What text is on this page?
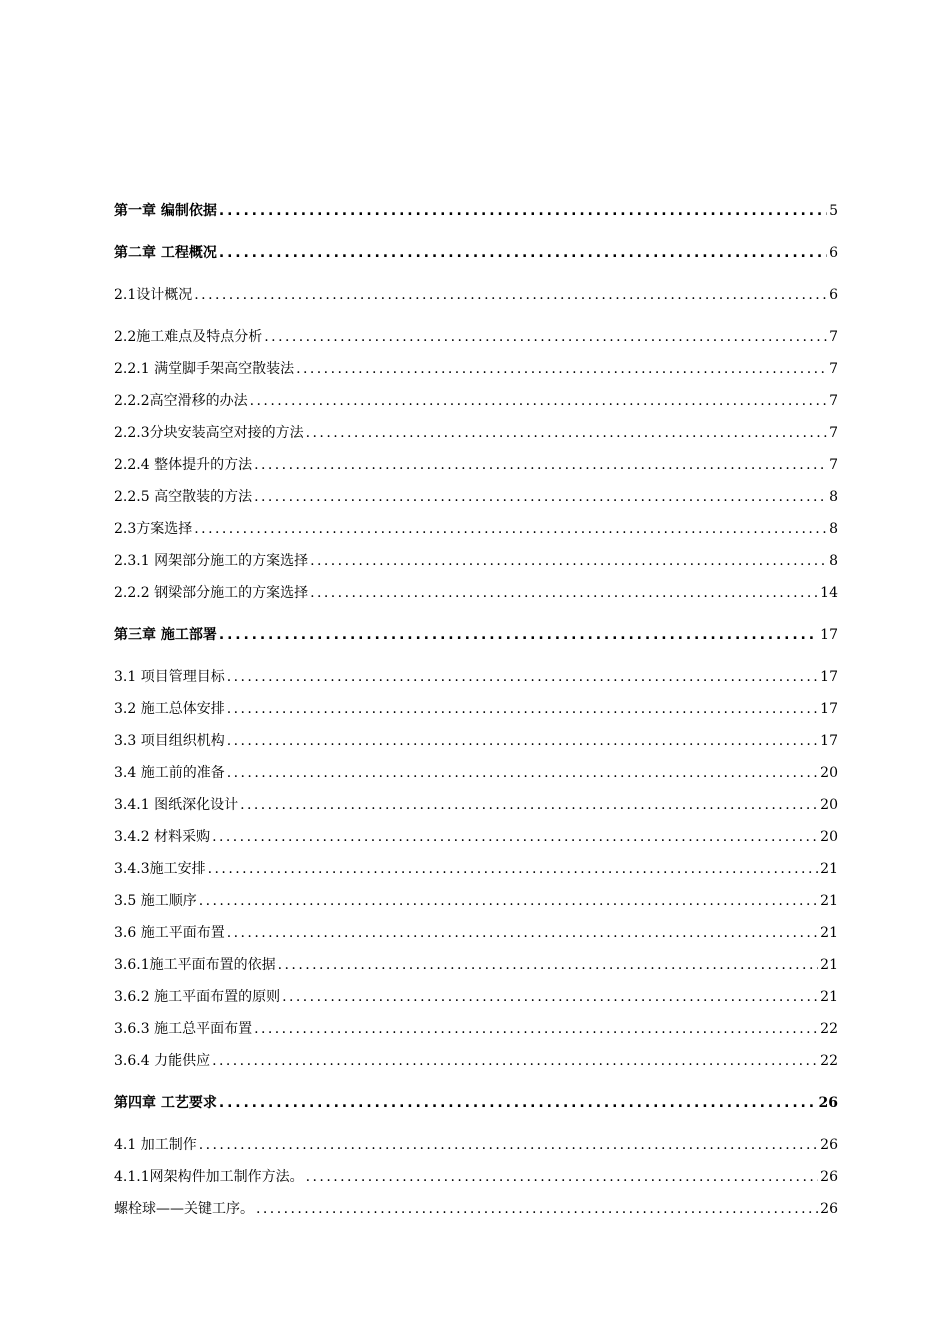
第一章 编制依据 . . .	5
第二章 工程概况 . . .	6
2.1设计概况 . . .	6
2.2施工难点及特点分析 . . .	7
2.2.1 满堂脚手架高空散装法 . . .	7
2.2.2高空滑移的办法 . . .	7
2.2.3分块安装高空对接的方法 . . .	7
2.2.4 整体提升的方法 . . .	7
2.2.5 高空散装的方法 . . .	8
2.3方案选择 . . .	8
2.3.1 网架部分施工的方案选择 . . .	8
2.2.2 钢梁部分施工的方案选择 . . .	14
第三章 施工部署 . . .	17
3.1 项目管理目标 . . .	17
3.2 施工总体安排 . . .	17
3.3 项目组织机构 . . .	17
3.4 施工前的准备 . . .	20
3.4.1 图纸深化设计 . . .	20
3.4.2 材料采购 . . .	20
3.4.3施工安排 . . .	21
3.5 施工顺序 . . .	21
3.6 施工平面布置 . . .	21
3.6.1施工平面布置的依据 . . .	21
3.6.2 施工平面布置的原则 . . .	21
3.6.3 施工总平面布置 . . .	22
3.6.4 力能供应 . . .	22
第四章 工艺要求 . . .	26
4.1 加工制作 . . .	26
4.1.1网架构件加工制作方法。 . . .	26
螺栓球——关键工序。 . . .	26
